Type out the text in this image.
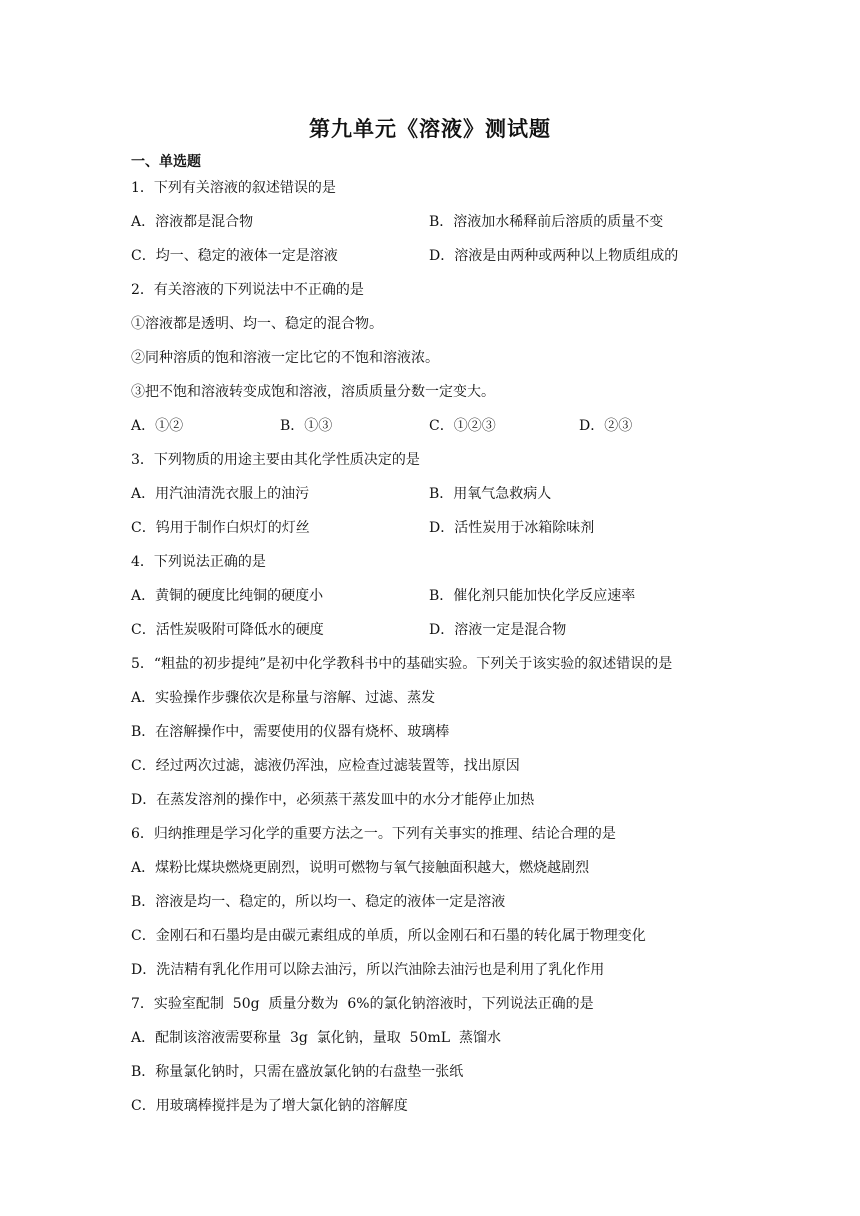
第九单元《溶液》测试题
一、单选题
1．下列有关溶液的叙述错误的是
A．溶液都是混合物	B．溶液加水稀释前后溶质的质量不变
C．均一、稳定的液体一定是溶液	D．溶液是由两种或两种以上物质组成的
2．有关溶液的下列说法中不正确的是
①溶液都是透明、均一、稳定的混合物。
②同种溶质的饱和溶液一定比它的不饱和溶液浓。
③把不饱和溶液转变成饱和溶液，溶质质量分数一定变大。
A．①②	B．①③	C．①②③	D．②③
3．下列物质的用途主要由其化学性质决定的是
A．用汽油清洗衣服上的油污	B．用氧气急救病人
C．钨用于制作白炽灯的灯丝	D．活性炭用于冰箱除味剂
4．下列说法正确的是
A．黄铜的硬度比纯铜的硬度小	B．催化剂只能加快化学反应速率
C．活性炭吸附可降低水的硬度	D．溶液一定是混合物
5．“粗盐的初步提纯”是初中化学教科书中的基础实验。下列关于该实验的叙述错误的是
A．实验操作步骤依次是称量与溶解、过滤、蒸发
B．在溶解操作中，需要使用的仪器有烧杯、玻璃棒
C．经过两次过滤，滤液仍浑浊，应检查过滤装置等，找出原因
D．在蒸发溶剂的操作中，必须蒸干蒸发皿中的水分才能停止加热
6．归纳推理是学习化学的重要方法之一。下列有关事实的推理、结论合理的是
A．煤粉比煤块燃烧更剧烈，说明可燃物与氧气接触面积越大，燃烧越剧烈
B．溶液是均一、稳定的，所以均一、稳定的液体一定是溶液
C．金刚石和石墨均是由碳元素组成的单质，所以金刚石和石墨的转化属于物理变化
D．洗洁精有乳化作用可以除去油污，所以汽油除去油污也是利用了乳化作用
7．实验室配制  50g  质量分数为  6%的氯化钠溶液时，下列说法正确的是
A．配制该溶液需要称量  3g  氯化钠，量取  50mL  蒸馏水
B．称量氯化钠时，只需在盛放氯化钠的右盘垫一张纸
C．用玻璃棒搅拌是为了增大氯化钠的溶解度
